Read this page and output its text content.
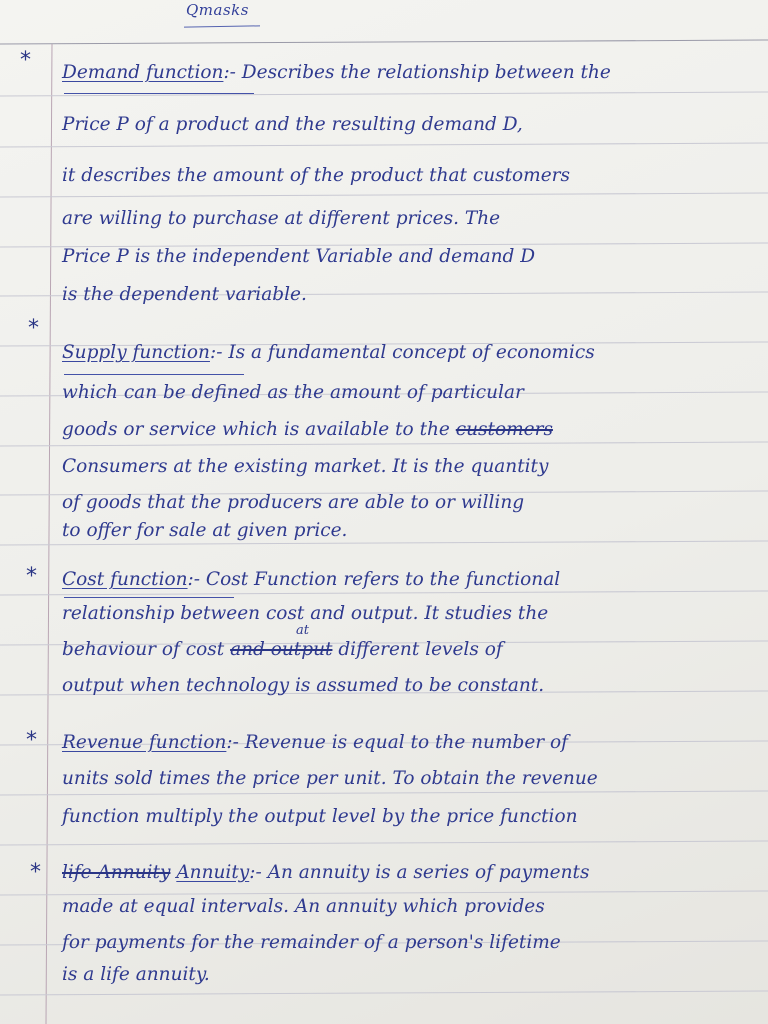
Qmasks
* Demand function:- Describes the relationship between the
Price P of a product and the resulting demand D,
it describes the amount of the product that customers
are willing to purchase at different prices. The
Price P is the independent Variable and demand D
is the dependent variable.
*
Supply function:- Is a fundamental concept of economics
which can be defined as the amount of particular
goods or service which is available to the customers
Consumers at the existing market. It is the quantity
of goods that the producers are able to or willing
to offer for sale at given price.
* Cost function:- Cost Function refers to the functional
relationship between cost and output. It studies the
at
behaviour of cost and output different levels of
output when technology is assumed to be constant.
* Revenue function:- Revenue is equal to the number of
units sold times the price per unit. To obtain the revenue
function multiply the output level by the price function
* life Annuity Annuity:- An annuity is a series of payments
made at equal intervals. An annuity which provides
for payments for the remainder of a person's lifetime
is a life annuity.
